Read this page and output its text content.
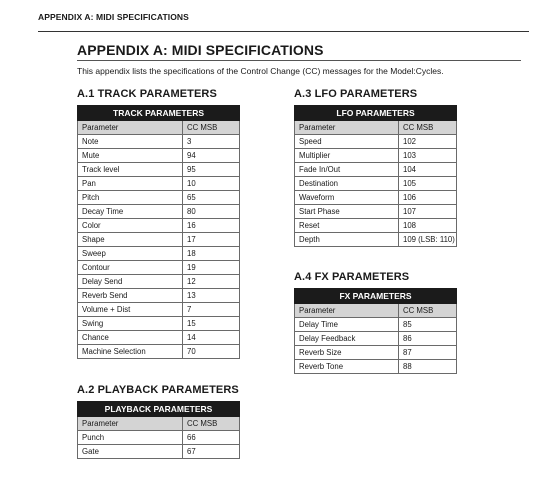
APPENDIX A: MIDI SPECIFICATIONS
APPENDIX A: MIDI SPECIFICATIONS

This appendix lists the specifications of the Control Change (CC) messages for the Model:Cycles.

A.1 TRACK PARAMETERS
TRACK PARAMETERS	
Parameter	CC MSB
Note	3
Mute	94
Track level	95
Pan	10
Pitch	65
Decay Time	80
Color	16
Shape	17
Sweep	18
Contour	19
Delay Send	12
Reverb Send	13
Volume + Dist	7
Swing	15
Chance	14
Machine Selection	70
A.2 PLAYBACK PARAMETERS
PLAYBACK PARAMETERS	
Parameter	CC MSB
Punch	66
Gate	67
A.3 LFO PARAMETERS
LFO PARAMETERS	
Parameter	CC MSB
Speed	102
Multiplier	103
Fade In/Out	104
Destination	105
Waveform	106
Start Phase	107
Reset	108
Depth	109 (LSB: 110)
A.4 FX PARAMETERS
FX PARAMETERS	
Parameter	CC MSB
Delay Time	85
Delay Feedback	86
Reverb Size	87
Reverb Tone	88
